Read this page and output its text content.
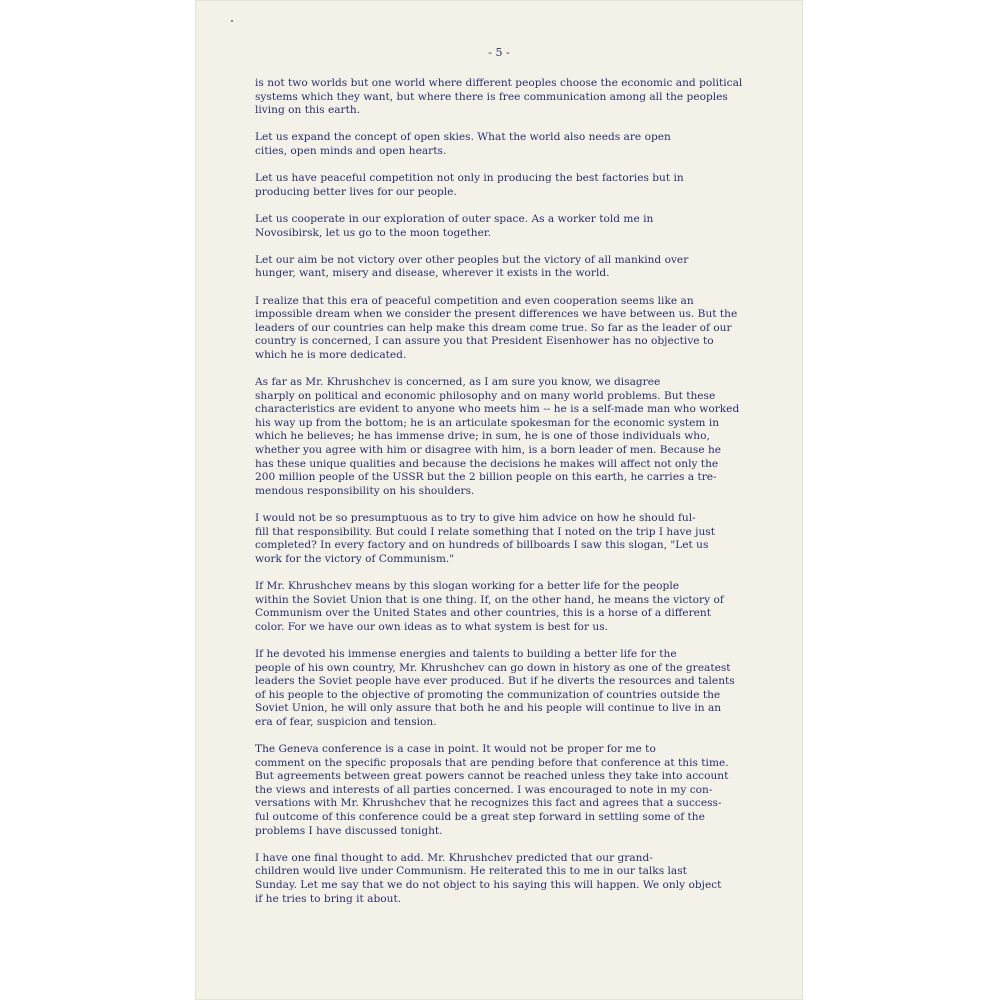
- 5 -

is not two worlds but one world where different peoples choose the economic and political
systems which they want, but where there is free communication among all the peoples
living on this earth.

Let us expand the concept of open skies. What the world also needs are open
cities, open minds and open hearts.

Let us have peaceful competition not only in producing the best factories but in
producing better lives for our people.

Let us cooperate in our exploration of outer space. As a worker told me in
Novosibirsk, let us go to the moon together.

Let our aim be not victory over other peoples but the victory of all mankind over
hunger, want, misery and disease, wherever it exists in the world.

I realize that this era of peaceful competition and even cooperation seems like an
impossible dream when we consider the present differences we have between us. But the
leaders of our countries can help make this dream come true. So far as the leader of our
country is concerned, I can assure you that President Eisenhower has no objective to
which he is more dedicated.

As far as Mr. Khrushchev is concerned, as I am sure you know, we disagree
sharply on political and economic philosophy and on many world problems. But these
characteristics are evident to anyone who meets him -- he is a self-made man who worked
his way up from the bottom; he is an articulate spokesman for the economic system in
which he believes; he has immense drive; in sum, he is one of those individuals who,
whether you agree with him or disagree with him, is a born leader of men. Because he
has these unique qualities and because the decisions he makes will affect not only the
200 million people of the USSR but the 2 billion people on this earth, he carries a tre-
mendous responsibility on his shoulders.

I would not be so presumptuous as to try to give him advice on how he should ful-
fill that responsibility. But could I relate something that I noted on the trip I have just
completed? In every factory and on hundreds of billboards I saw this slogan, "Let us
work for the victory of Communism."

If Mr. Khrushchev means by this slogan working for a better life for the people
within the Soviet Union that is one thing. If, on the other hand, he means the victory of
Communism over the United States and other countries, this is a horse of a different
color. For we have our own ideas as to what system is best for us.

If he devoted his immense energies and talents to building a better life for the
people of his own country, Mr. Khrushchev can go down in history as one of the greatest
leaders the Soviet people have ever produced. But if he diverts the resources and talents
of his people to the objective of promoting the communization of countries outside the
Soviet Union, he will only assure that both he and his people will continue to live in an
era of fear, suspicion and tension.

The Geneva conference is a case in point. It would not be proper for me to
comment on the specific proposals that are pending before that conference at this time.
But agreements between great powers cannot be reached unless they take into account
the views and interests of all parties concerned. I was encouraged to note in my con-
versations with Mr. Khrushchev that he recognizes this fact and agrees that a success-
ful outcome of this conference could be a great step forward in settling some of the
problems I have discussed tonight.

I have one final thought to add. Mr. Khrushchev predicted that our grand-
children would live under Communism. He reiterated this to me in our talks last
Sunday. Let me say that we do not object to his saying this will happen. We only object
if he tries to bring it about.
